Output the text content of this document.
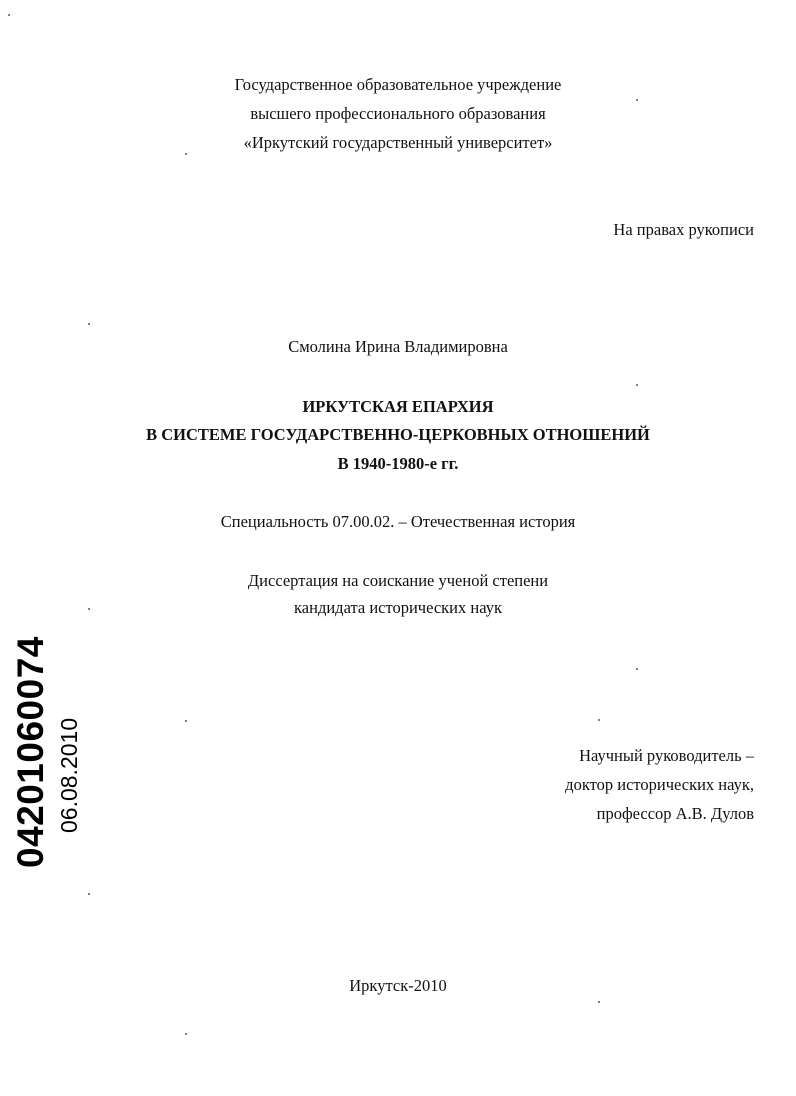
Государственное образовательное учреждение
высшего профессионального образования
«Иркутский государственный университет»
На правах рукописи
Смолина Ирина Владимировна
ИРКУТСКАЯ ЕПАРХИЯ
В СИСТЕМЕ ГОСУДАРСТВЕННО-ЦЕРКОВНЫХ ОТНОШЕНИЙ
В 1940-1980-е гг.
Специальность 07.00.02. – Отечественная история
Диссертация на соискание ученой степени
кандидата исторических наук
Научный руководитель –
доктор исторических наук,
профессор А.В. Дулов
Иркутск-2010
04201060074 06.08.2010
